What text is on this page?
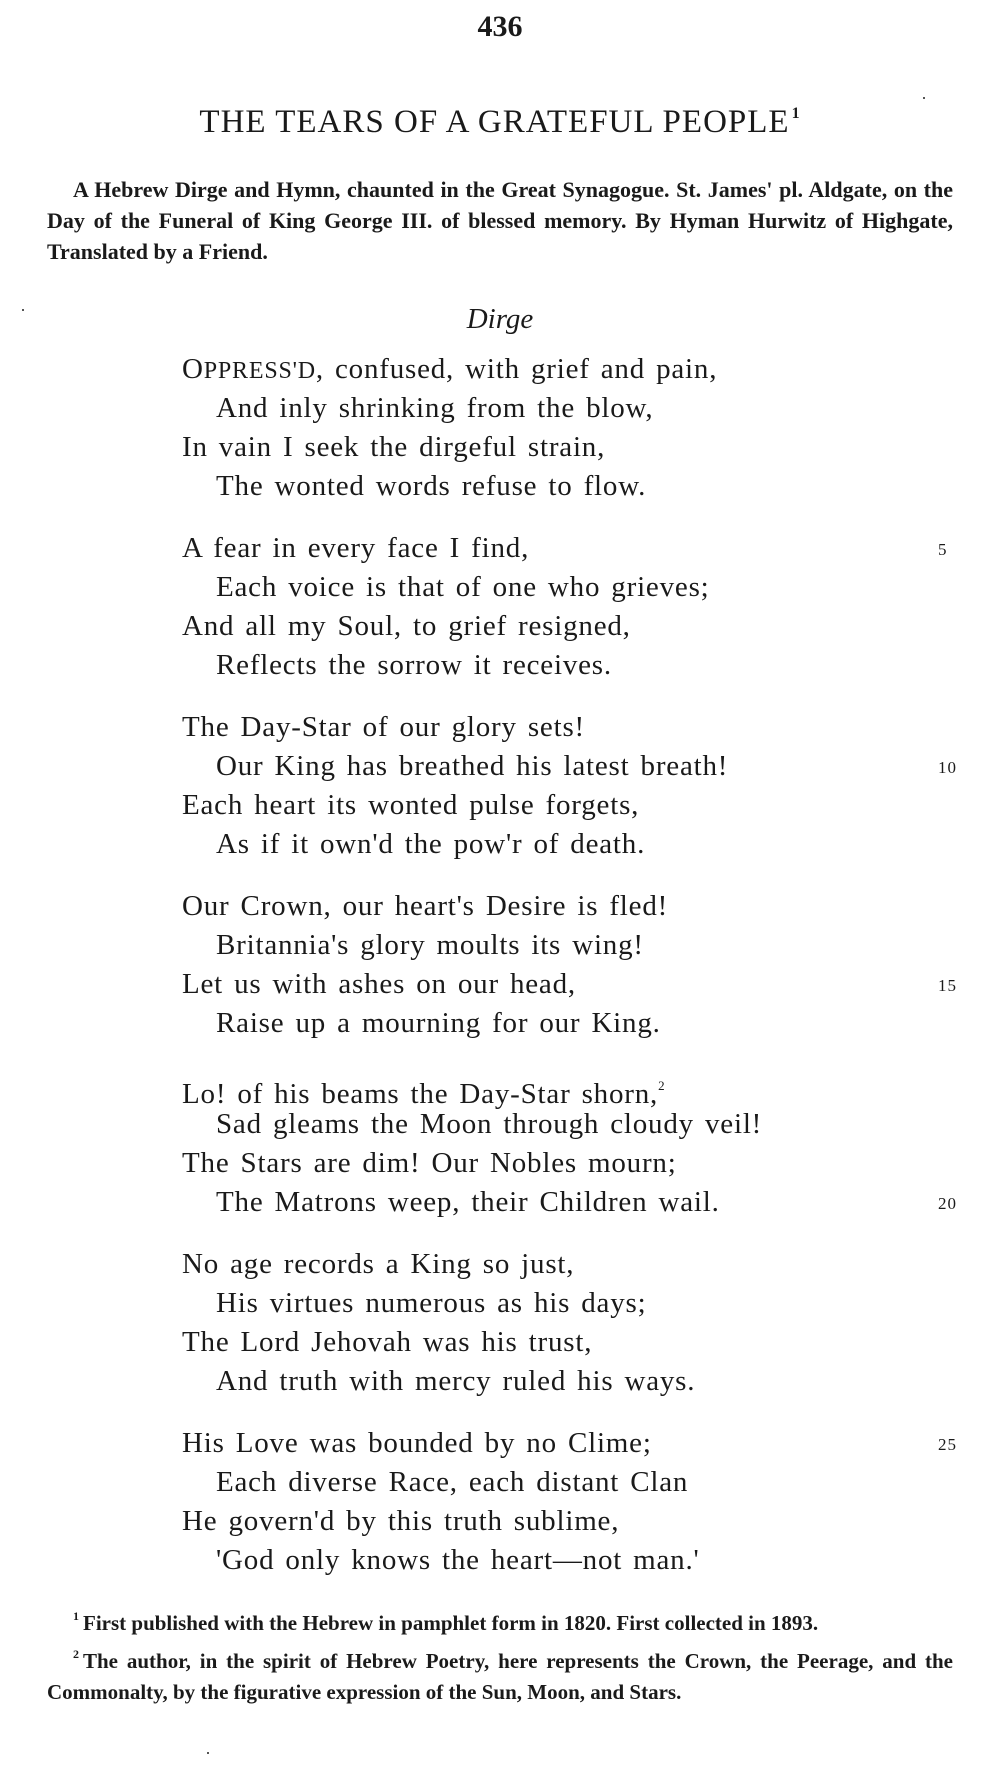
436
THE TEARS OF A GRATEFUL PEOPLE $^1$
A Hebrew Dirge and Hymn, chaunted in the Great Synagogue. St. James' pl. Aldgate, on the Day of the Funeral of King George III. of blessed memory. By Hyman Hurwitz of Highgate, Translated by a Friend.
Dirge
OPPRESS'D, confused, with grief and pain,
And inly shrinking from the blow,
In vain I seek the dirgeful strain,
The wonted words refuse to flow.
A fear in every face I find,	5
Each voice is that of one who grieves;
And all my Soul, to grief resigned,
Reflects the sorrow it receives.
The Day-Star of our glory sets!
Our King has breathed his latest breath!	10
Each heart its wonted pulse forgets,
As if it own'd the pow'r of death.
Our Crown, our heart's Desire is fled!
Britannia's glory moults its wing!
Let us with ashes on our head,	15
Raise up a mourning for our King.
Lo! of his beams the Day-Star shorn,$^2$
Sad gleams the Moon through cloudy veil!
The Stars are dim! Our Nobles mourn;
The Matrons weep, their Children wail.	20
No age records a King so just,
His virtues numerous as his days;
The Lord Jehovah was his trust,
And truth with mercy ruled his ways.
His Love was bounded by no Clime;	25
Each diverse Race, each distant Clan
He govern'd by this truth sublime,
'God only knows the heart—not man.'
$^1$ First published with the Hebrew in pamphlet form in 1820. First collected in 1893.
$^2$ The author, in the spirit of Hebrew Poetry, here represents the Crown, the Peerage, and the Commonalty, by the figurative expression of the Sun, Moon, and Stars.
